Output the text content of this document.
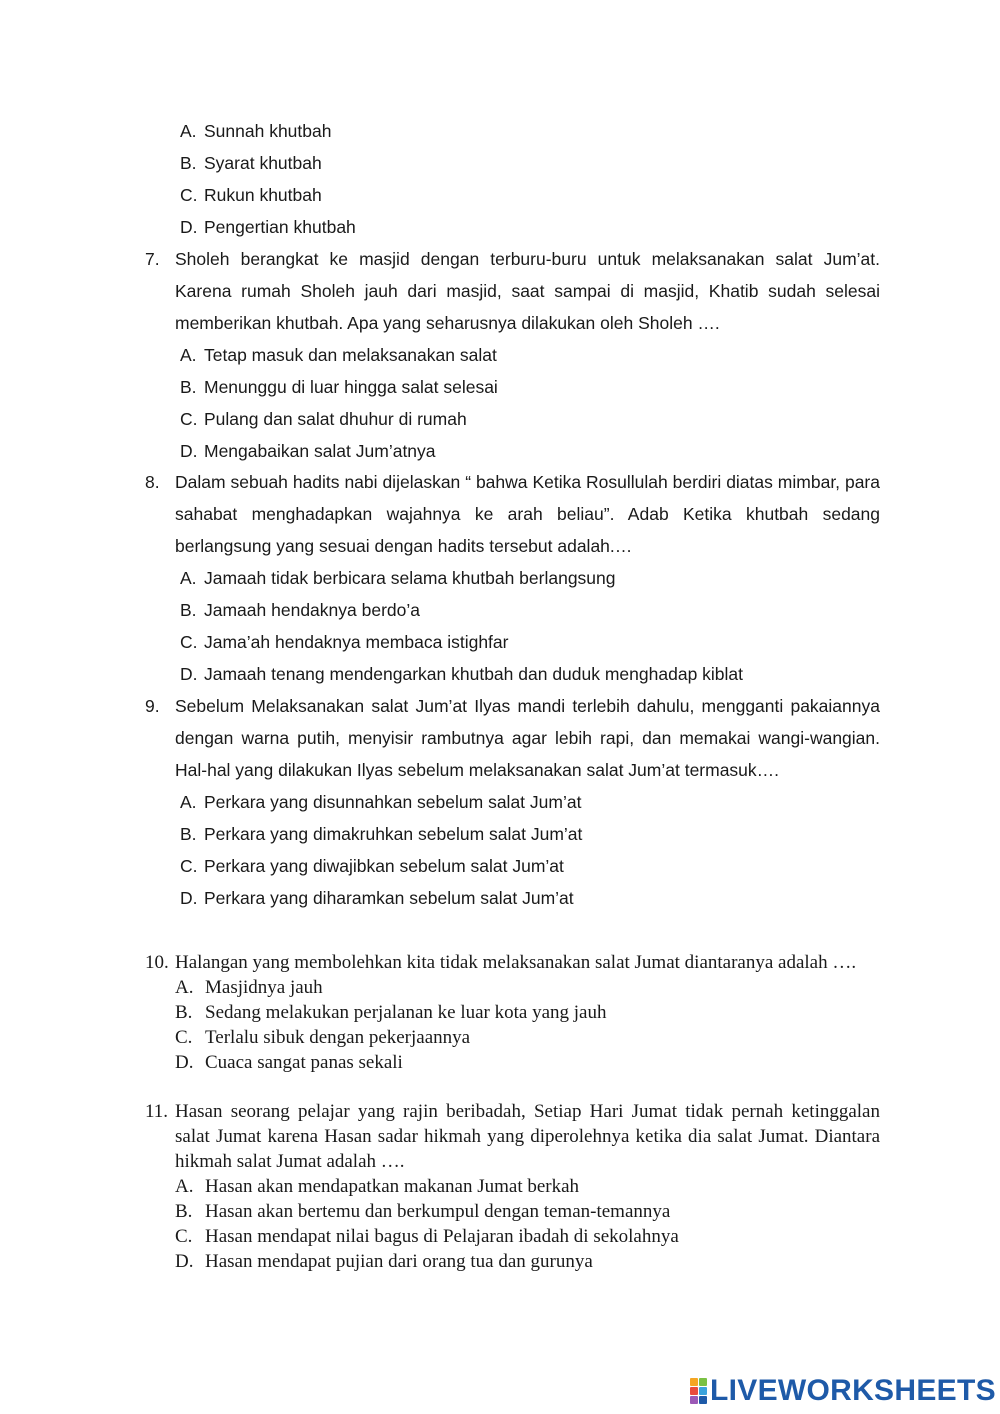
A. Sunnah khutbah
B. Syarat khutbah
C. Rukun khutbah
D. Pengertian khutbah
7. Sholeh berangkat ke masjid dengan terburu-buru untuk melaksanakan salat Jum’at. Karena rumah Sholeh jauh dari masjid, saat sampai di masjid, Khatib sudah selesai memberikan khutbah. Apa yang seharusnya dilakukan oleh Sholeh ….
A. Tetap masuk dan melaksanakan salat
B. Menunggu di luar hingga salat selesai
C. Pulang dan salat dhuhur di rumah
D. Mengabaikan salat Jum’atnya
8. Dalam sebuah hadits nabi dijelaskan “ bahwa Ketika Rosullulah berdiri diatas mimbar, para sahabat menghadapkan wajahnya ke arah beliau”. Adab Ketika khutbah sedang berlangsung yang sesuai dengan hadits tersebut adalah.…
A. Jamaah tidak berbicara selama khutbah berlangsung
B. Jamaah hendaknya berdo’a
C. Jama’ah hendaknya membaca istighfar
D. Jamaah tenang mendengarkan khutbah dan duduk menghadap kiblat
9. Sebelum Melaksanakan salat Jum’at Ilyas mandi terlebih dahulu, mengganti pakaiannya dengan warna putih, menyisir rambutnya agar lebih rapi, dan memakai wangi-wangian. Hal-hal yang dilakukan Ilyas sebelum melaksanakan salat Jum’at termasuk….
A. Perkara yang disunnahkan sebelum salat Jum’at
B. Perkara yang dimakruhkan sebelum salat Jum’at
C. Perkara yang diwajibkan sebelum salat Jum’at
D. Perkara yang diharamkan sebelum salat Jum’at
10. Halangan yang membolehkan kita tidak melaksanakan salat Jumat diantaranya adalah ….
A. Masjidnya jauh
B. Sedang melakukan perjalanan ke luar kota yang jauh
C. Terlalu sibuk dengan pekerjaannya
D. Cuaca sangat panas sekali
11. Hasan seorang pelajar yang rajin beribadah, Setiap Hari Jumat tidak pernah ketinggalan salat Jumat karena Hasan sadar hikmah yang diperolehnya ketika dia salat Jumat. Diantara hikmah salat Jumat adalah ….
A. Hasan akan mendapatkan makanan Jumat berkah
B. Hasan akan bertemu dan berkumpul dengan teman-temannya
C. Hasan mendapat nilai bagus di Pelajaran ibadah di sekolahnya
D. Hasan mendapat pujian dari orang tua dan gurunya
LIVEWORKSHEETS
